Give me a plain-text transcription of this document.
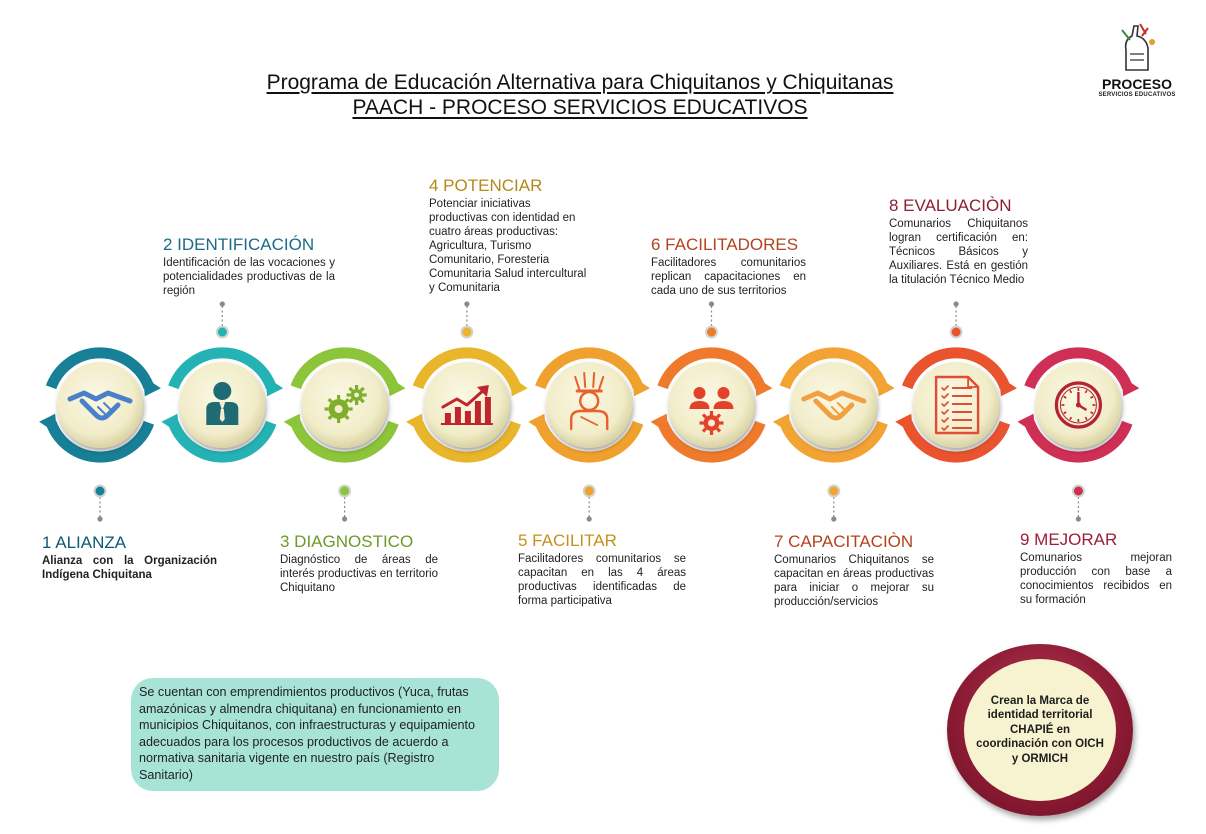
Programa de Educación Alternativa para Chiquitanos y Chiquitanas
PAACH - PROCESO SERVICIOS EDUCATIVOS
PROCESO
SERVICIOS EDUCATIVOS
1 ALIANZA
Alianza con la Organización Indígena Chiquitana
2 IDENTIFICACIÓN
Identificación de las vocaciones y potencialidades productivas de la región
3 DIAGNOSTICO
Diagnóstico de áreas de interés productivas en territorio Chiquitano
4 POTENCIAR
Potenciar iniciativas productivas con identidad en cuatro áreas productivas: Agricultura, Turismo Comunitario, Foresteria Comunitaria Salud intercultural y Comunitaria
5 FACILITAR
Facilitadores comunitarios se capacitan en las 4 áreas productivas identificadas de forma participativa
6 FACILITADORES
Facilitadores comunitarios replican capacitaciones en cada uno de sus territorios
7 CAPACITACIÒN
Comunarios Chiquitanos se capacitan en áreas productivas para iniciar o mejorar su producción/servicios
8 EVALUACIÒN
Comunarios Chiquitanos logran certificación en: Técnicos Básicos y Auxiliares. Está en gestión la titulación Técnico Medio
9 MEJORAR
Comunarios mejoran producción con base a conocimientos recibidos en su formación
Se cuentan con emprendimientos productivos (Yuca, frutas amazónicas y almendra chiquitana) en funcionamiento en municipios Chiquitanos, con infraestructuras y equipamiento adecuados para los procesos productivos de acuerdo a normativa sanitaria vigente en nuestro país (Registro Sanitario)
Crean la Marca de identidad territorial CHAPIÉ en coordinación con OICH y ORMICH
